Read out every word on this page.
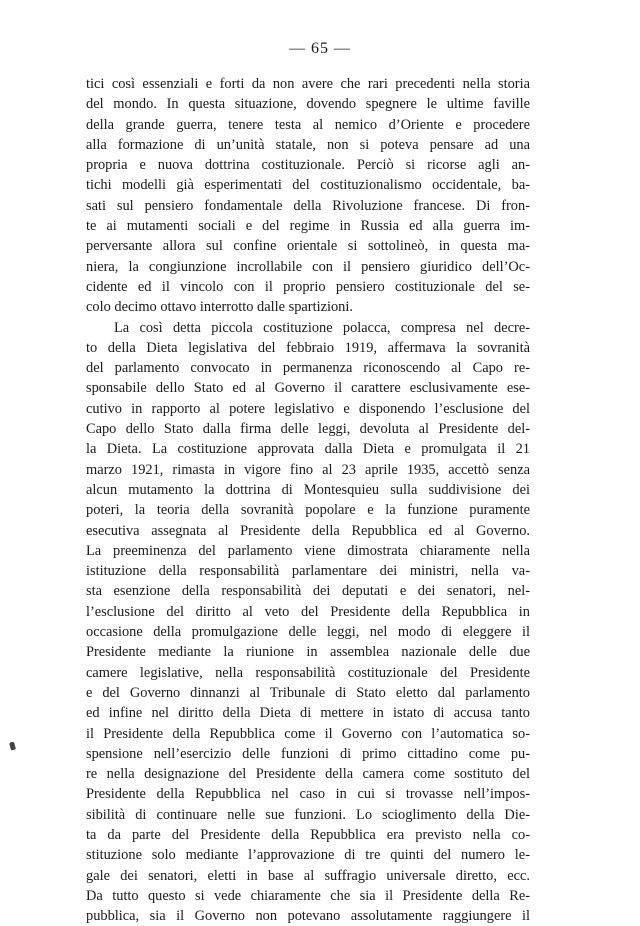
— 65 —
tici così essenziali e forti da non avere che rari precedenti nella storia
del mondo. In questa situazione, dovendo spegnere le ultime faville
della grande guerra, tenere testa al nemico d’Oriente e procedere
alla formazione di un’unità statale, non si poteva pensare ad una
propria e nuova dottrina costituzionale. Perciò si ricorse agli an-
tichi modelli già esperimentati del costituzionalismo occidentale, ba-
sati sul pensiero fondamentale della Rivoluzione francese. Di fron-
te ai mutamenti sociali e del regime in Russia ed alla guerra im-
perversante allora sul confine orientale si sottolineò, in questa ma-
niera, la congiunzione incrollabile con il pensiero giuridico dell’Oc-
cidente ed il vincolo con il proprio pensiero costituzionale del se-
colo decimo ottavo interrotto dalle spartizioni.
La così detta piccola costituzione polacca, compresa nel decre-
to della Dieta legislativa del febbraio 1919, affermava la sovranità
del parlamento convocato in permanenza riconoscendo al Capo re-
sponsabile dello Stato ed al Governo il carattere esclusivamente ese-
cutivo in rapporto al potere legislativo e disponendo l’esclusione del
Capo dello Stato dalla firma delle leggi, devoluta al Presidente del-
la Dieta. La costituzione approvata dalla Dieta e promulgata il 21
marzo 1921, rimasta in vigore fino al 23 aprile 1935, accettò senza
alcun mutamento la dottrina di Montesquieu sulla suddivisione dei
poteri, la teoria della sovranità popolare e la funzione puramente
esecutiva assegnata al Presidente della Repubblica ed al Governo.
La preeminenza del parlamento viene dimostrata chiaramente nella
istituzione della responsabilità parlamentare dei ministri, nella va-
sta esenzione della responsabilità dei deputati e dei senatori, nel-
l’esclusione del diritto al veto del Presidente della Repubblica in
occasione della promulgazione delle leggi, nel modo di eleggere il
Presidente mediante la riunione in assemblea nazionale delle due
camere legislative, nella responsabilità costituzionale del Presidente
e del Governo dinnanzi al Tribunale di Stato eletto dal parlamento
ed infine nel diritto della Dieta di mettere in istato di accusa tanto
il Presidente della Repubblica come il Governo con l’automatica so-
spensione nell’esercizio delle funzioni di primo cittadino come pu-
re nella designazione del Presidente della camera come sostituto del
Presidente della Repubblica nel caso in cui si trovasse nell’impos-
sibilità di continuare nelle sue funzioni. Lo scioglimento della Die-
ta da parte del Presidente della Repubblica era previsto nella co-
stituzione solo mediante l’approvazione di tre quinti del numero le-
gale dei senatori, eletti in base al suffragio universale diretto, ecc.
Da tutto questo si vede chiaramente che sia il Presidente della Re-
pubblica, sia il Governo non potevano assolutamente raggiungere il
